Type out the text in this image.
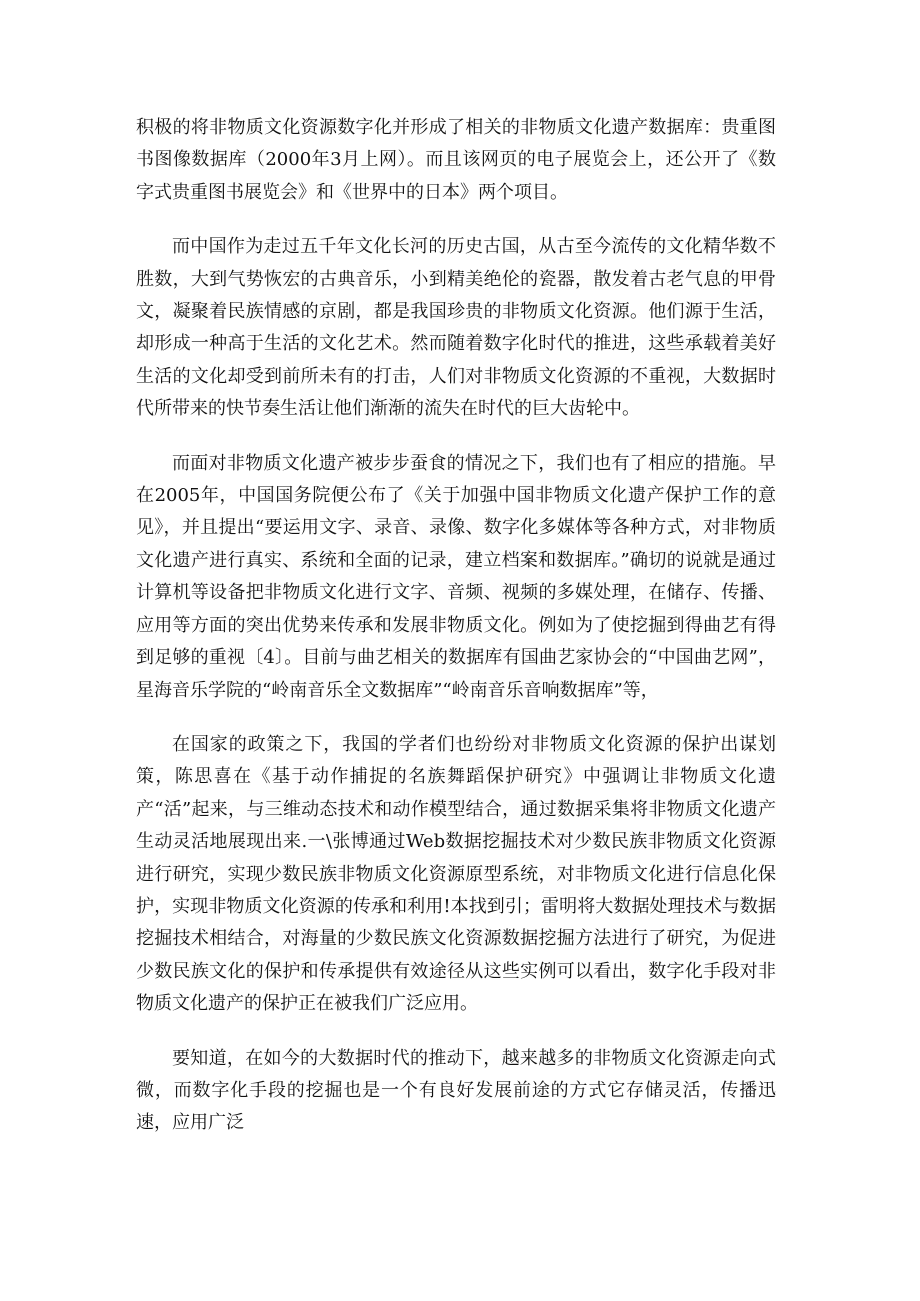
积极的将非物质文化资源数字化并形成了相关的非物质文化遗产数据库：贵重图书图像数据库（2000年3月上网）。而且该网页的电子展览会上，还公开了《数字式贵重图书展览会》和《世界中的日本》两个项目。

而中国作为走过五千年文化长河的历史古国，从古至今流传的文化精华数不胜数，大到气势恢宏的古典音乐，小到精美绝伦的瓷器，散发着古老气息的甲骨文，凝聚着民族情感的京剧，都是我国珍贵的非物质文化资源。他们源于生活，却形成一种高于生活的文化艺术。然而随着数字化时代的推进，这些承载着美好生活的文化却受到前所未有的打击，人们对非物质文化资源的不重视，大数据时代所带来的快节奏生活让他们渐渐的流失在时代的巨大齿轮中。

而面对非物质文化遗产被步步蚕食的情况之下，我们也有了相应的措施。早在2005年，中国国务院便公布了《关于加强中国非物质文化遗产保护工作的意见》，并且提出“要运用文字、录音、录像、数字化多媒体等各种方式，对非物质文化遗产进行真实、系统和全面的记录，建立档案和数据库。”确切的说就是通过计算机等设备把非物质文化进行文字、音频、视频的多媒处理，在储存、传播、应用等方面的突出优势来传承和发展非物质文化。例如为了使挖掘到得曲艺有得到足够的重视〔4〕。目前与曲艺相关的数据库有国曲艺家协会的“中国曲艺网”，星海音乐学院的“岭南音乐全文数据库”“岭南音乐音响数据库”等，

在国家的政策之下，我国的学者们也纷纷对非物质文化资源的保护出谋划策，陈思喜在《基于动作捕捉的名族舞蹈保护研究》中强调让非物质文化遗产“活”起来，与三维动态技术和动作模型结合，通过数据采集将非物质文化遗产生动灵活地展现出来.一\张博通过Web数据挖掘技术对少数民族非物质文化资源进行研究，实现少数民族非物质文化资源原型系统，对非物质文化进行信息化保护，实现非物质文化资源的传承和利用!本找到引；雷明将大数据处理技术与数据挖掘技术相结合，对海量的少数民族文化资源数据挖掘方法进行了研究，为促进少数民族文化的保护和传承提供有效途径从这些实例可以看出，数字化手段对非物质文化遗产的保护正在被我们广泛应用。

要知道，在如今的大数据时代的推动下，越来越多的非物质文化资源走向式微，而数字化手段的挖掘也是一个有良好发展前途的方式它存储灵活，传播迅速，应用广泛
